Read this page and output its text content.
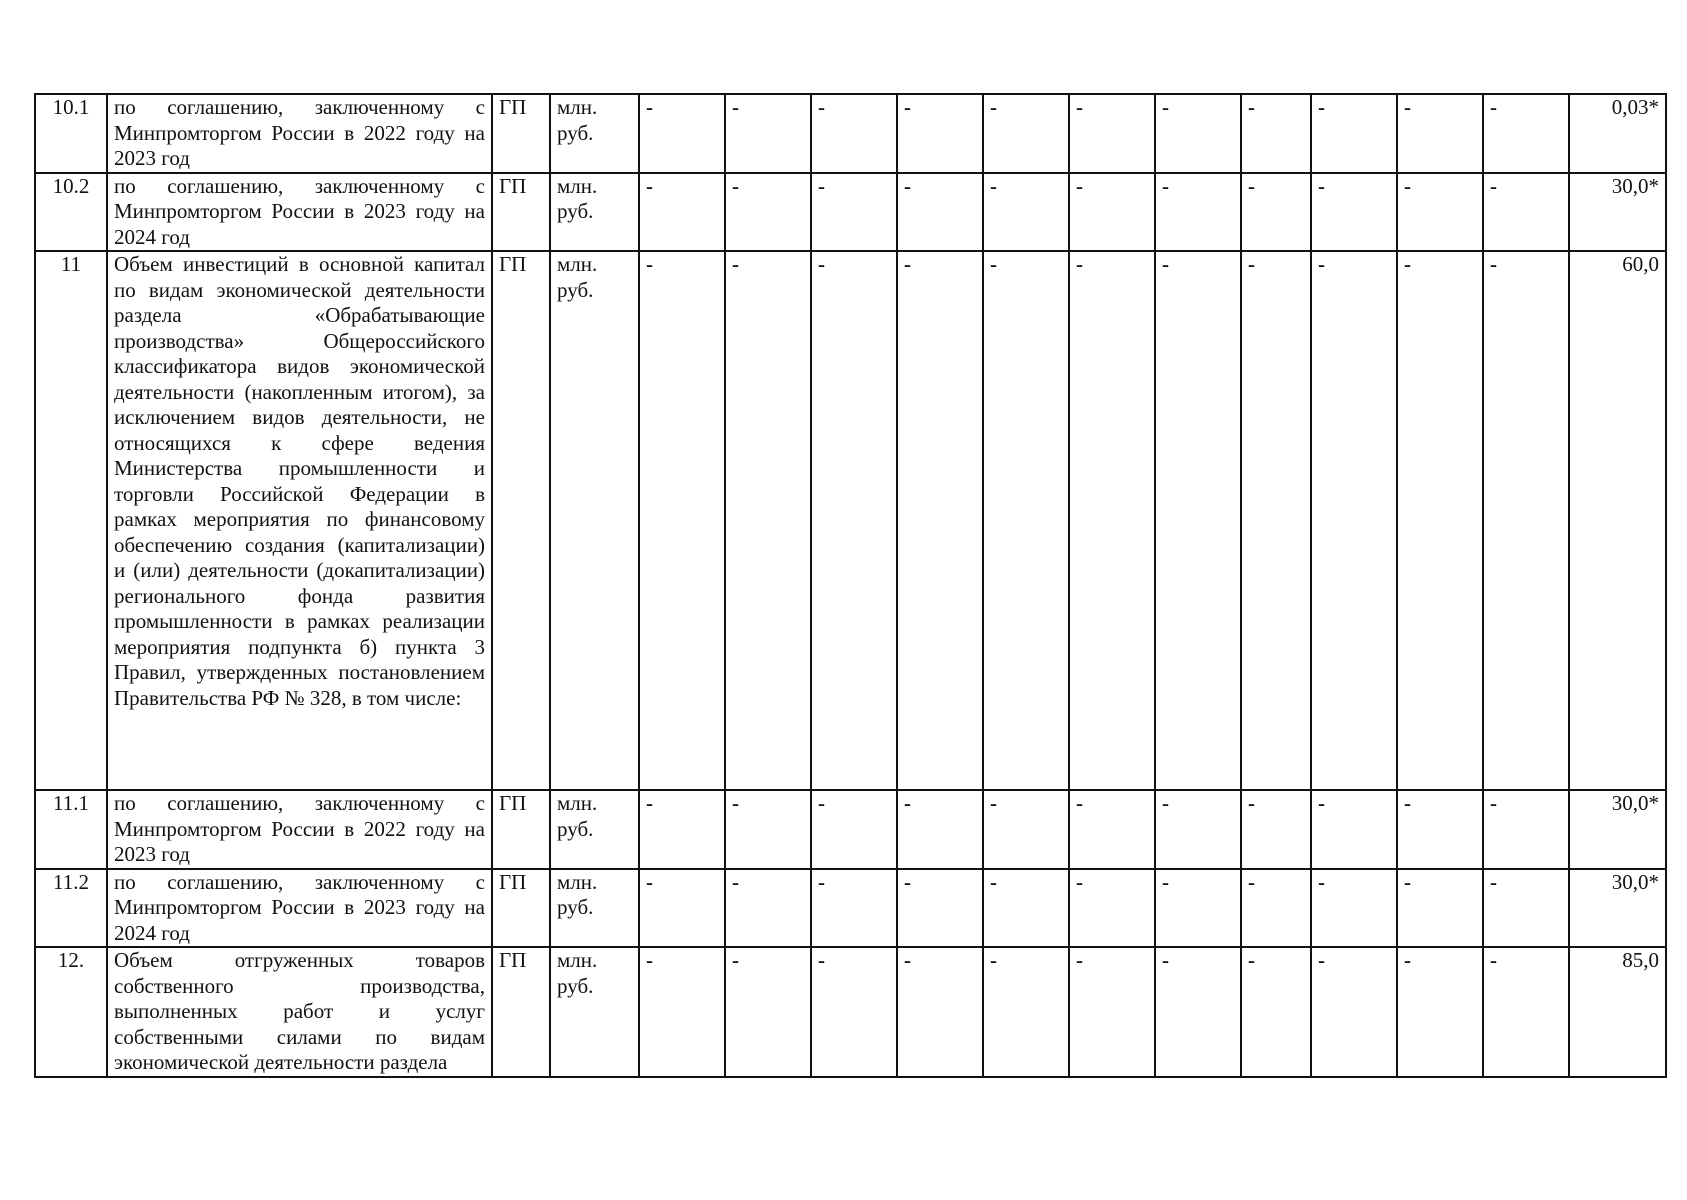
10.1	по соглашению, заключенному с Минпромторгом России в 2022 году на 2023 год	ГП	млн. руб.	-	-	-	-	-	-	-	-	-	-	-	0,03*
10.2	по соглашению, заключенному с Минпромторгом России в 2023 году на 2024 год	ГП	млн. руб.	-	-	-	-	-	-	-	-	-	-	-	30,0*
11	Объем инвестиций в основной капитал по видам экономической деятельности раздела «Обрабатывающие производства» Общероссийского классификатора видов экономической деятельности (накопленным итогом), за исключением видов деятельности, не относящихся к сфере ведения Министерства промышленности и торговли Российской Федерации в рамках мероприятия по финансовому обеспечению создания (капитализации) и (или) деятельности (докапитализации) регионального фонда развития промышленности в рамках реализации мероприятия подпункта б) пункта 3 Правил, утвержденных постановлением Правительства РФ № 328, в том числе:	ГП	млн. руб.	-	-	-	-	-	-	-	-	-	-	-	60,0
11.1	по соглашению, заключенному с Минпромторгом России в 2022 году на 2023 год	ГП	млн. руб.	-	-	-	-	-	-	-	-	-	-	-	30,0*
11.2	по соглашению, заключенному с Минпромторгом России в 2023 году на 2024 год	ГП	млн. руб.	-	-	-	-	-	-	-	-	-	-	-	30,0*
12.	Объем отгруженных товаров собственного производства, выполненных работ и услуг собственными силами по видам экономической деятельности раздела	ГП	млн. руб.	-	-	-	-	-	-	-	-	-	-	-	85,0
